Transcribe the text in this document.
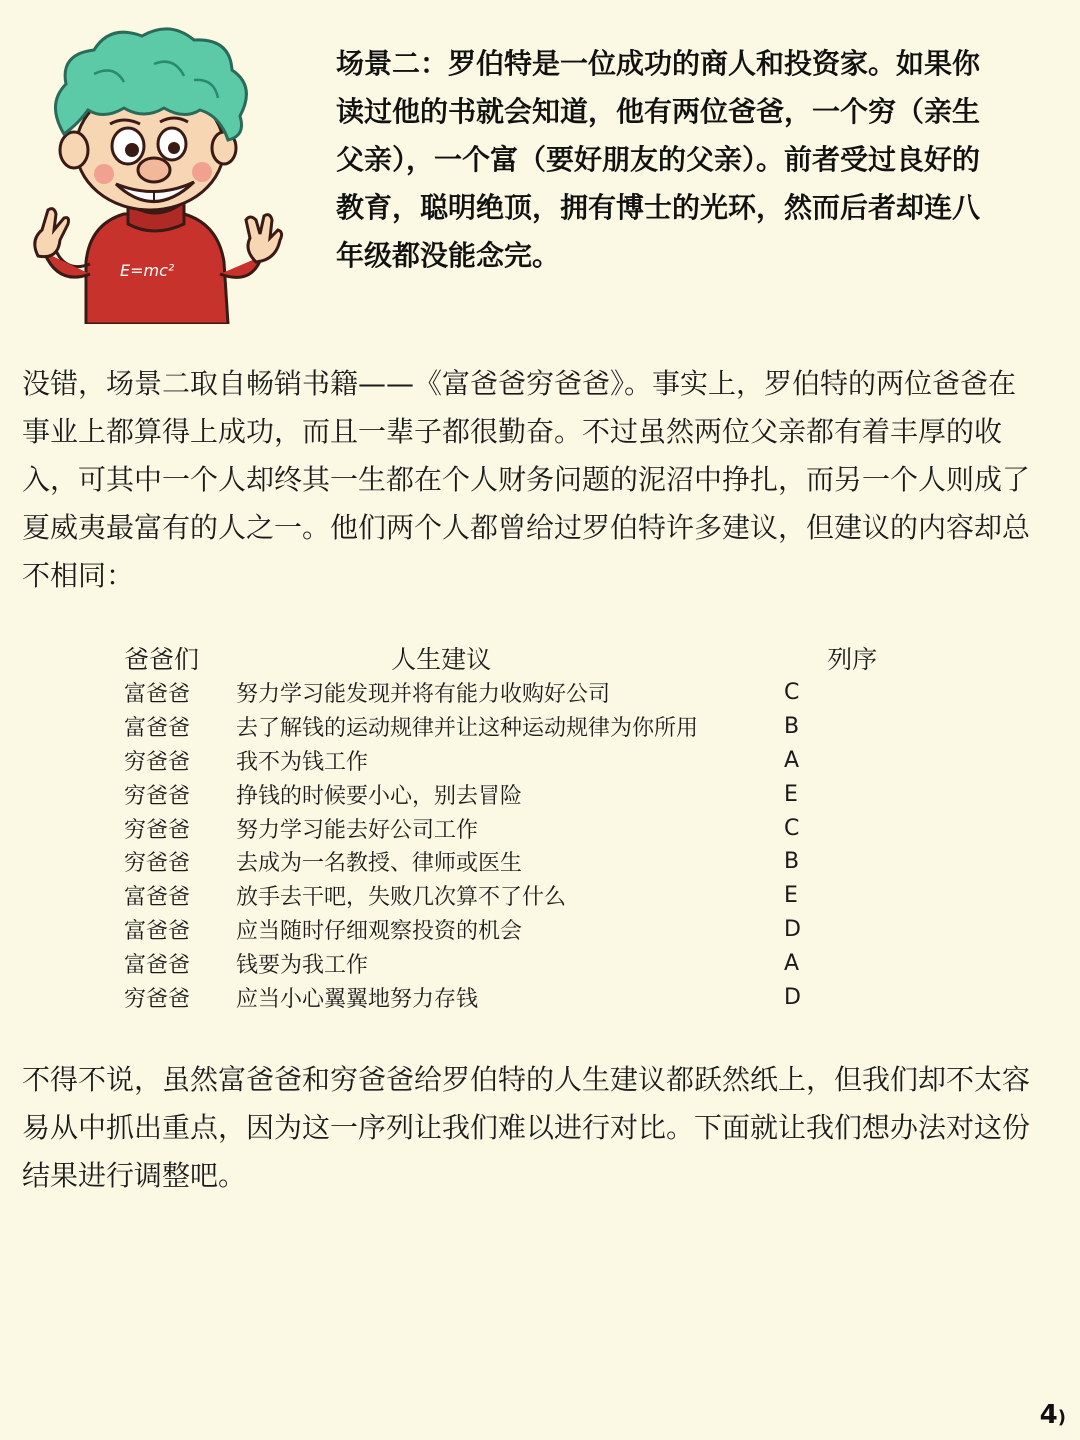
E=mc²

场景二：罗伯特是一位成功的商人和投资家。如果你读过他的书就会知道，他有两位爸爸，一个穷（亲生父亲），一个富（要好朋友的父亲）。前者受过良好的教育，聪明绝顶，拥有博士的光环，然而后者却连八年级都没能念完。

没错，场景二取自畅销书籍——《富爸爸穷爸爸》。事实上，罗伯特的两位爸爸在事业上都算得上成功，而且一辈子都很勤奋。不过虽然两位父亲都有着丰厚的收入，可其中一个人却终其一生都在个人财务问题的泥沼中挣扎，而另一个人则成了夏威夷最富有的人之一。他们两个人都曾给过罗伯特许多建议，但建议的内容却总不相同：

爸爸们	人生建议	列序
富爸爸	努力学习能发现并将有能力收购好公司	C
富爸爸	去了解钱的运动规律并让这种运动规律为你所用	B
穷爸爸	我不为钱工作	A
穷爸爸	挣钱的时候要小心，别去冒险	E
穷爸爸	努力学习能去好公司工作	C
穷爸爸	去成为一名教授、律师或医生	B
富爸爸	放手去干吧，失败几次算不了什么	E
富爸爸	应当随时仔细观察投资的机会	D
富爸爸	钱要为我工作	A
穷爸爸	应当小心翼翼地努力存钱	D

不得不说，虽然富爸爸和穷爸爸给罗伯特的人生建议都跃然纸上，但我们却不太容易从中抓出重点，因为这一序列让我们难以进行对比。下面就让我们想办法对这份结果进行调整吧。

4)
